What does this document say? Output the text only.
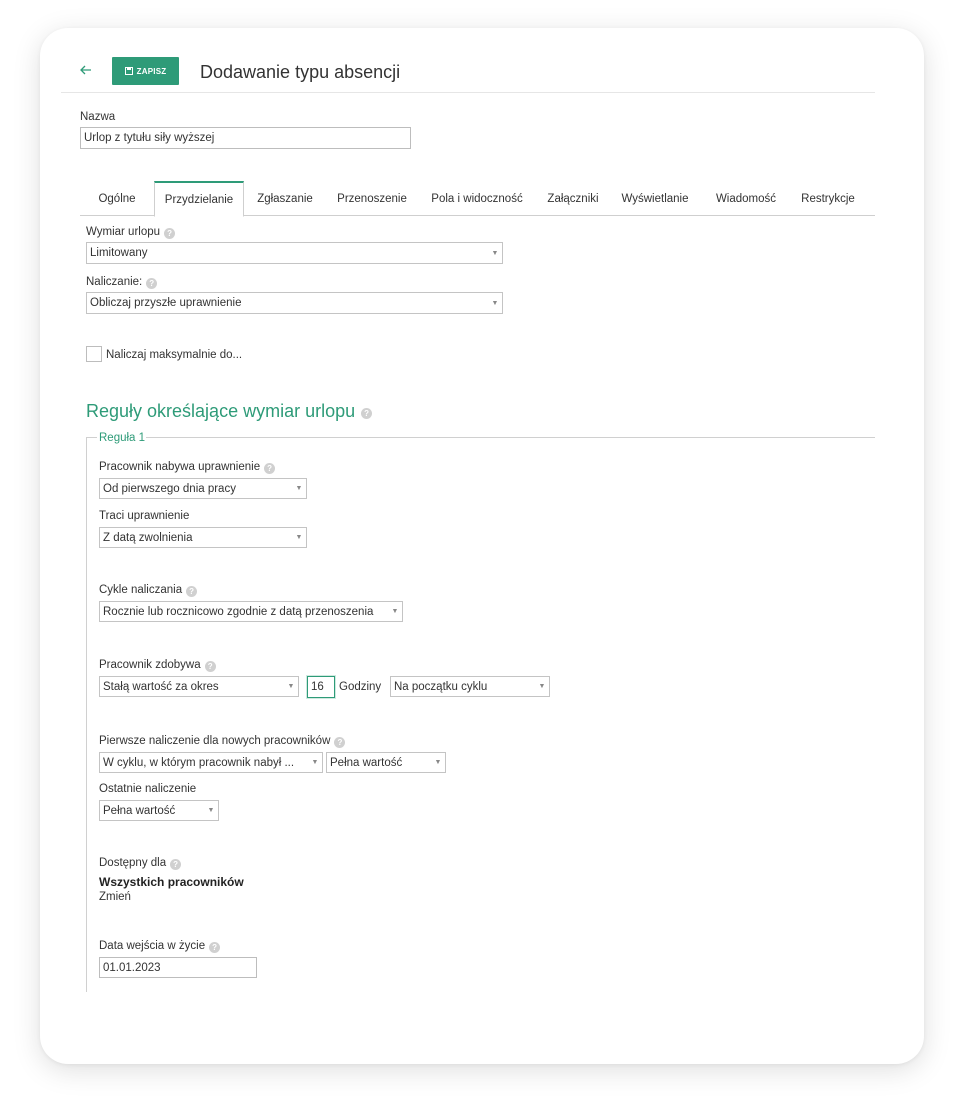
ZAPISZ Dodawanie typu absencji
Nazwa
Urlop z tytułu siły wyższej
Ogólne	Przydzielanie	Zgłaszanie	Przenoszenie	Pola i widoczność	Załączniki	Wyświetlanie	Wiadomość	Restrykcje
Wymiar urlopu ?
Limitowany	▼
Naliczanie: ?
Obliczaj przyszłe uprawnienie	▼
Naliczaj maksymalnie do...
Reguły określające wymiar urlopu ?
Reguła 1
Pracownik nabywa uprawnienie ?
Od pierwszego dnia pracy	▼
Traci uprawnienie
Z datą zwolnienia	▼
Cykle naliczania ?
Rocznie lub rocznicowo zgodnie z datą przenoszenia	▼
Pracownik zdobywa ?
Stałą wartość za okres	▼	16 Godziny Na początku cyklu	▼
Pierwsze naliczenie dla nowych pracowników ?
W cyklu, w którym pracownik nabył ...	▼	Pełna wartość	▼
Ostatnie naliczenie
Pełna wartość	▼
Dostępny dla ?
Wszystkich pracowników
Zmień
Data wejścia w życie ?
01.01.2023
